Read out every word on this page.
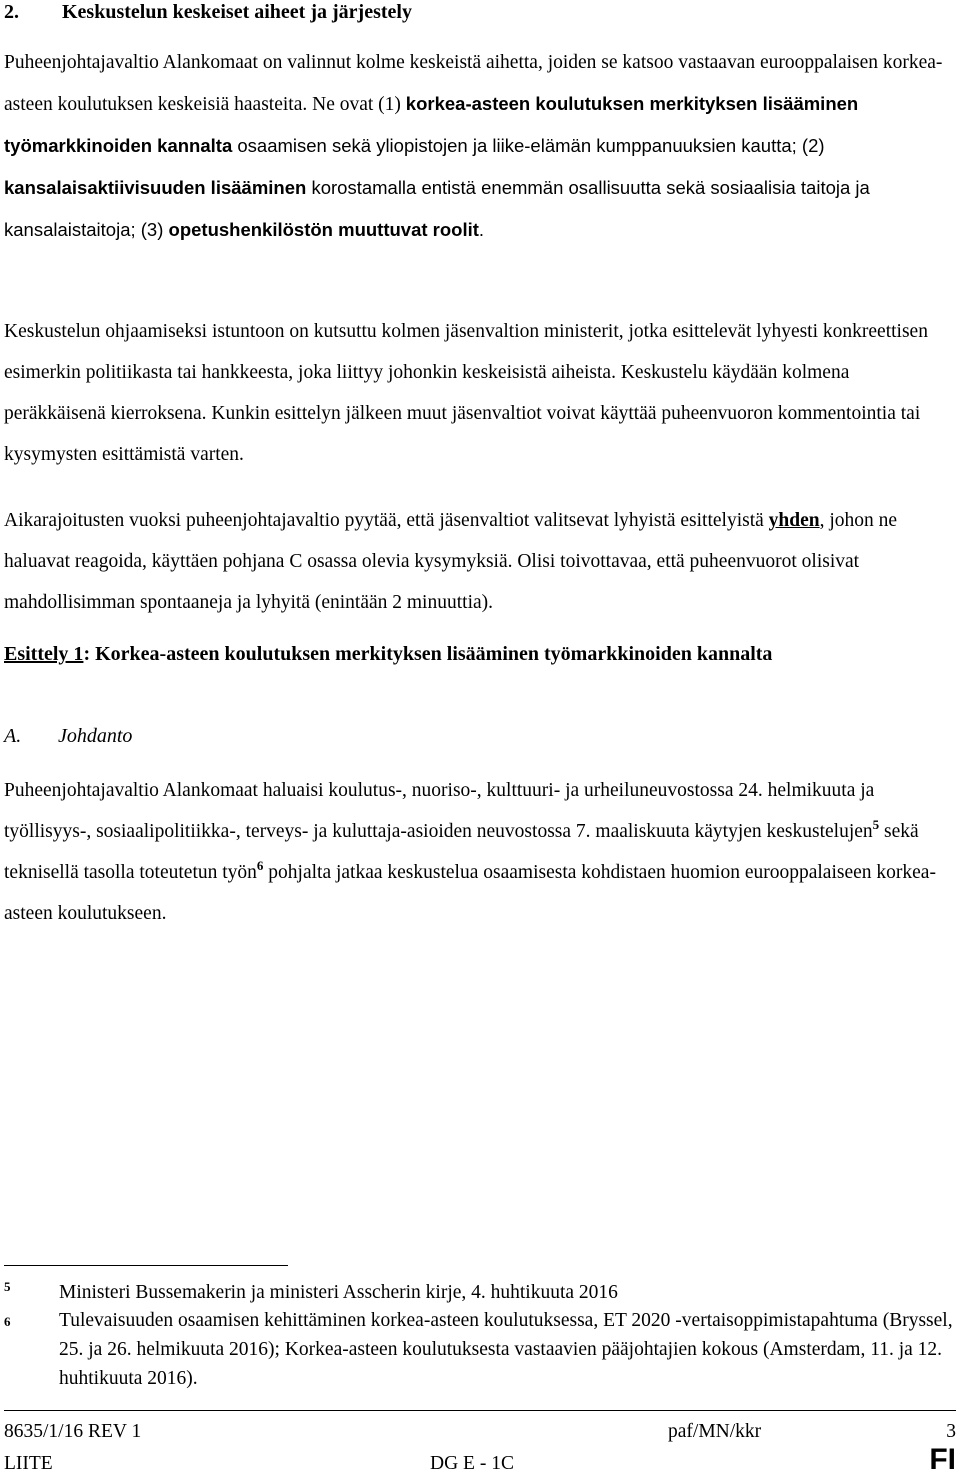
2. Keskustelun keskeiset aiheet ja järjestely
Puheenjohtajavaltio Alankomaat on valinnut kolme keskeistä aihetta, joiden se katsoo vastaavan eurooppalaisen korkea-asteen koulutuksen keskeisiä haasteita. Ne ovat (1) korkea-asteen koulutuksen merkityksen lisääminen työmarkkinoiden kannalta osaamisen sekä yliopistojen ja liike-elämän kumppanuuksien kautta; (2) kansalaisaktiivisuuden lisääminen korostamalla entistä enemmän osallisuutta sekä sosiaalisia taitoja ja kansalaistaitoja; (3) opetushenkilöstön muuttuvat roolit.
Keskustelun ohjaamiseksi istuntoon on kutsuttu kolmen jäsenvaltion ministerit, jotka esittelevät lyhyesti konkreettisen esimerkin politiikasta tai hankkeesta, joka liittyy johonkin keskeisistä aiheista. Keskustelu käydään kolmena peräkkäisenä kierroksena. Kunkin esittelyn jälkeen muut jäsenvaltiot voivat käyttää puheenvuoron kommentointia tai kysymysten esittämistä varten.
Aikarajoitusten vuoksi puheenjohtajavaltio pyytää, että jäsenvaltiot valitsevat lyhyistä esittelyistä yhden, johon ne haluavat reagoida, käyttäen pohjana C osassa olevia kysymyksiä. Olisi toivottavaa, että puheenvuorot olisivat mahdollisimman spontaaneja ja lyhyitä (enintään 2 minuuttia).
Esittely 1: Korkea-asteen koulutuksen merkityksen lisääminen työmarkkinoiden kannalta
A. Johdanto
Puheenjohtajavaltio Alankomaat haluaisi koulutus-, nuoriso-, kulttuuri- ja urheiluneuvostossa 24. helmikuuta ja työllisyys-, sosiaalipolitiikka-, terveys- ja kuluttaja-asioiden neuvostossa 7. maaliskuuta käytyjen keskustelujen$^5$ sekä teknisellä tasolla toteutetun työn$^6$ pohjalta jatkaa keskustelua osaamisesta kohdistaen huomion eurooppalaiseen korkea-asteen koulutukseen.
5 Ministeri Bussemakerin ja ministeri Asscherin kirje, 4. huhtikuuta 2016
6 Tulevaisuuden osaamisen kehittäminen korkea-asteen koulutuksessa, ET 2020 -vertaisoppimistapahtuma (Bryssel, 25. ja 26. helmikuuta 2016); Korkea-asteen koulutuksesta vastaavien pääjohtajien kokous (Amsterdam, 11. ja 12. huhtikuuta 2016).
8635/1/16 REV 1	paf/MN/kkr	3
LIITE	DG E - 1C	FI
